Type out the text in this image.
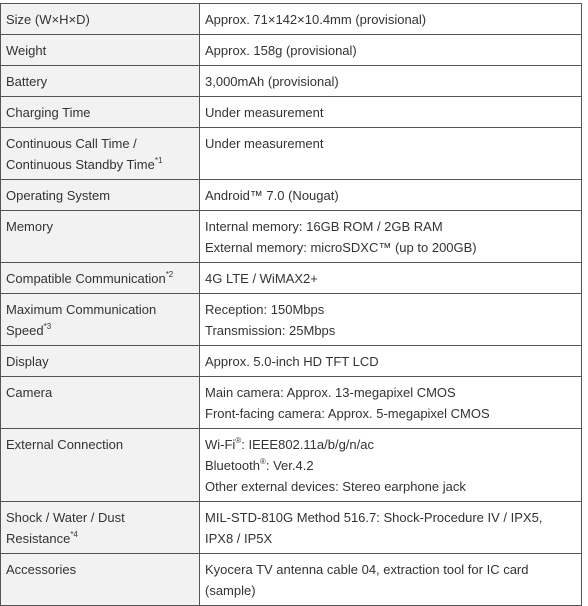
Size (W×H×D)	Approx. 71×142×10.4mm (provisional)

Weight	Approx. 158g (provisional)

Battery	3,000mAh (provisional)

Charging Time	Under measurement

Continuous Call Time /
Continuous Standby Time$^{*1}$	Under measurement

Operating System	Android™ 7.0 (Nougat)

Memory	Internal memory: 16GB ROM / 2GB RAM
External memory: microSDXC™ (up to 200GB)

Compatible Communication$^{*2}$	4G LTE / WiMAX2+

Maximum Communication
Speed$^{*3}$	Reception: 150Mbps
Transmission: 25Mbps

Display	Approx. 5.0-inch HD TFT LCD

Camera	Main camera: Approx. 13-megapixel CMOS
Front-facing camera: Approx. 5-megapixel CMOS

External Connection	Wi-Fi®: IEEE802.11a/b/g/n/ac
Bluetooth®: Ver.4.2
Other external devices: Stereo earphone jack

Shock / Water / Dust
Resistance$^{*4}$	MIL-STD-810G Method 516.7: Shock-Procedure IV / IPX5,
IPX8 / IP5X

Accessories	Kyocera TV antenna cable 04, extraction tool for IC card
(sample)
